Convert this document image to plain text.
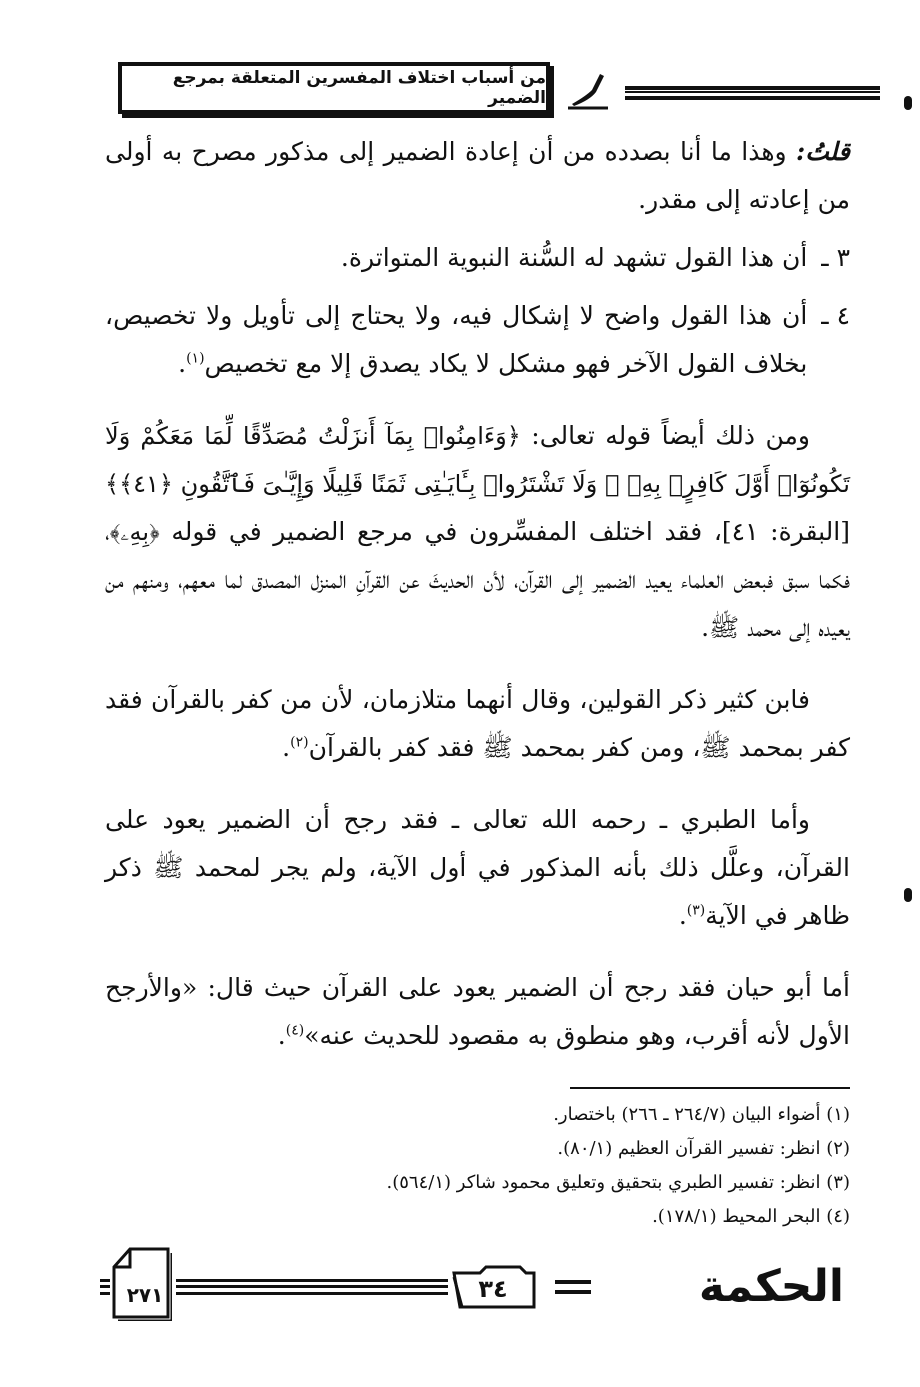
من أسباب اختلاف المفسرين المتعلقة بمرجع الضمير

قلتُ: وهذا ما أنا بصدده من أن إعادة الضمير إلى مذكور مصرح به أولى من إعادته إلى مقدر.

٣ ـ
أن هذا القول تشهد له السُّنة النبوية المتواترة.
٤ ـ
أن هذا القول واضح لا إشكال فيه، ولا يحتاج إلى تأويل ولا تخصيص، بخلاف القول الآخر فهو مشكل لا يكاد يصدق إلا مع تخصيص$^{(١)}$.

ومن ذلك أيضاً قوله تعالى: ﴿وَءَامِنُوا۟ بِمَآ أَنزَلْتُ مُصَدِّقًا لِّمَا مَعَكُمْ وَلَا تَكُونُوٓا۟ أَوَّلَ كَافِرٍۭ بِهِۦ ۖ وَلَا تَشْتَرُوا۟ بِـَٔايَـٰتِى ثَمَنًا قَلِيلًا وَإِيَّـٰىَ فَٱتَّقُونِ ﴿٤١﴾﴾ [البقرة: ٤١]، فقد اختلف المفسِّرون في مرجع الضمير في قوله ﴿بِهِۦ﴾، فكما سبق فبعض العلماء يعيد الضمير إلى القرآن، لأن الحديثَ عن القرآنِ المنزل المصدق لما معهم، ومنهم من يعيده إلى محمد ﷺ.

فابن كثير ذكر القولين، وقال أنهما متلازمان، لأن من كفر بالقرآن فقد كفر بمحمد ﷺ، ومن كفر بمحمد ﷺ فقد كفر بالقرآن$^{(٢)}$.

وأما الطبري ـ رحمه الله تعالى ـ فقد رجح أن الضمير يعود على القرآن، وعلَّل ذلك بأنه المذكور في أول الآية، ولم يجر لمحمد ﷺ ذكر ظاهر في الآية$^{(٣)}$.

أما أبو حيان فقد رجح أن الضمير يعود على القرآن حيث قال: «والأرجح الأول لأنه أقرب، وهو منطوق به مقصود للحديث عنه»$^{(٤)}$.

(١) أضواء البيان (٢٦٤/٧ ـ ٢٦٦) باختصار.

(٢) انظر: تفسير القرآن العظيم (٨٠/١).

(٣) انظر: تفسير الطبري بتحقيق وتعليق محمود شاكر (٥٦٤/١).

(٤) البحر المحيط (١٧٨/١).

٢٧١	٣٤	الحكمة
